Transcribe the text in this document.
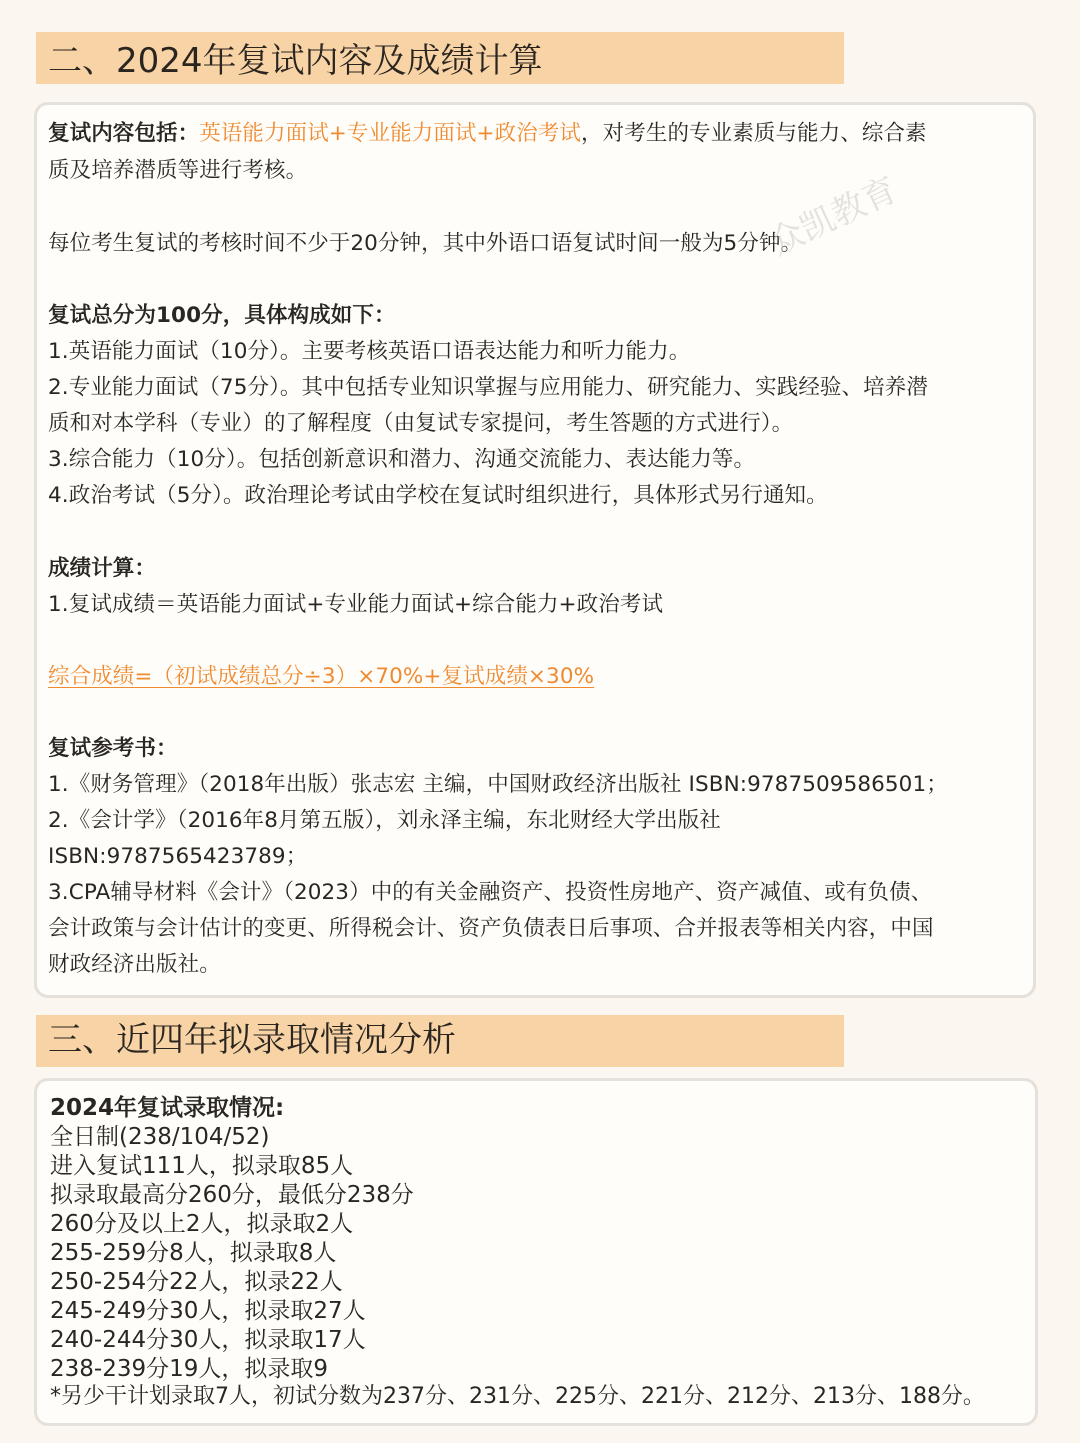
二、2024年复试内容及成绩计算
复试内容包括：英语能力面试+专业能力面试+政治考试，对考生的专业素质与能力、综合素
质及培养潜质等进行考核。
每位考生复试的考核时间不少于20分钟，其中外语口语复试时间一般为5分钟。
众凯教育
复试总分为100分，具体构成如下：
1.英语能力面试（10分）。主要考核英语口语表达能力和听力能力。
2.专业能力面试（75分）。其中包括专业知识掌握与应用能力、研究能力、实践经验、培养潜
质和对本学科（专业）的了解程度（由复试专家提问，考生答题的方式进行）。
3.综合能力（10分）。包括创新意识和潜力、沟通交流能力、表达能力等。
4.政治考试（5分）。政治理论考试由学校在复试时组织进行，具体形式另行通知。
成绩计算：
1.复试成绩＝英语能力面试+专业能力面试+综合能力+政治考试
综合成绩=（初试成绩总分÷3）×70%+复试成绩×30%
复试参考书：
1.《财务管理》（2018年出版）张志宏 主编，中国财政经济出版社 ISBN:9787509586501；
2.《会计学》（2016年8月第五版），刘永泽主编，东北财经大学出版社
ISBN:9787565423789；
3.CPA辅导材料《会计》（2023）中的有关金融资产、投资性房地产、资产减值、或有负债、
会计政策与会计估计的变更、所得税会计、资产负债表日后事项、合并报表等相关内容，中国
财政经济出版社。
三、近四年拟录取情况分析
2024年复试录取情况:
全日制(238/104/52)
进入复试111人，拟录取85人
拟录取最高分260分，最低分238分
260分及以上2人，拟录取2人
255-259分8人，拟录取8人
250-254分22人，拟录22人
245-249分30人，拟录取27人
240-244分30人，拟录取17人
238-239分19人，拟录取9
*另少干计划录取7人，初试分数为237分、231分、225分、221分、212分、213分、188分。
